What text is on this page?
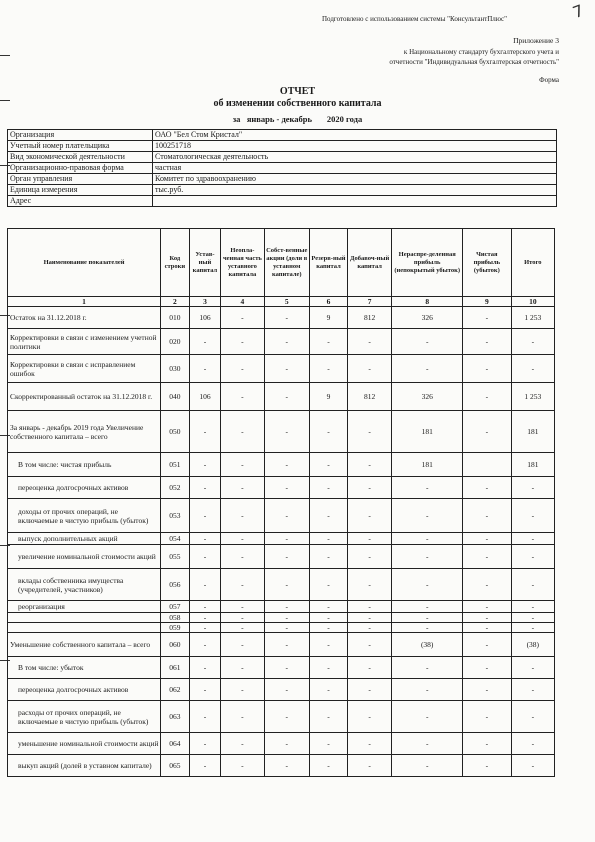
7
Подготовлено с использованием системы "КонсультантПлюс"
Приложение 3
к Национальному стандарту бухгалтерского учета и
отчетности "Индивидуальная бухгалтерская отчетность"
Форма
ОТЧЕТ
об изменении собственного капитала
за январь - декабрь 2020 года
Организация	ОАО "Бел Стом Кристал"
Учетный номер плательщика	100251718
Вид экономической деятельности	Стоматологическая деятельность
Организационно-правовая форма	частная
Орган управления	Комитет по здравоохранению
Единица измерения	тыс.руб.
Адрес	
Наименование показателей	Код строки	Устав-ный капитал	Неопла-ченная часть уставного капитала	Собст-венные акции (доли в уставном капитале)	Резерв-ный капитал	Добавоч-ный капитал	Нераспре-деленная прибыль (непокрытый убыток)	Чистая прибыль (убыток)	Итого
1	2	3	4	5	6	7	8	9	10
Остаток на 31.12.2018 г.	010	106	-	-	9	812	326	-	1 253
Корректировки в связи с изменением учетной политики	020	-	-	-	-	-	-	-	-
Корректировки в связи с исправлением ошибок	030	-	-	-	-	-	-	-	-
Скорректированный остаток на 31.12.2018 г.	040	106	-	-	9	812	326	-	1 253
За январь - декабрь 2019 года Увеличение собственного капитала – всего	050	-	-	-	-	-	181	-	181
В том числе: чистая прибыль	051	-	-	-	-	-	181		181
переоценка долгосрочных активов	052	-	-	-	-	-	-	-	-
доходы от прочих операций, не включаемые в чистую прибыль (убыток)	053	-	-	-	-	-	-	-	-
выпуск дополнительных акций	054	-	-	-	-	-	-	-	-
увеличение номинальной стоимости акций	055	-	-	-	-	-	-	-	-
вклады собственника имущества (учредителей, участников)	056	-	-	-	-	-	-	-	-
реорганизация	057	-	-	-	-	-	-	-	-
	058	-	-	-	-	-	-	-	-
	059	-	-	-	-	-	-	-	-
Уменьшение собственного капитала – всего	060	-	-	-	-	-	(38)	-	(38)
В том числе: убыток	061	-	-	-	-	-	-	-	-
переоценка долгосрочных активов	062	-	-	-	-	-	-	-	-
расходы от прочих операций, не включаемые в чистую прибыль (убыток)	063	-	-	-	-	-	-	-	-
уменьшение номинальной стоимости акций	064	-	-	-	-	-	-	-	-
выкуп акций (долей в уставном капитале)	065	-	-	-	-	-	-	-	-
